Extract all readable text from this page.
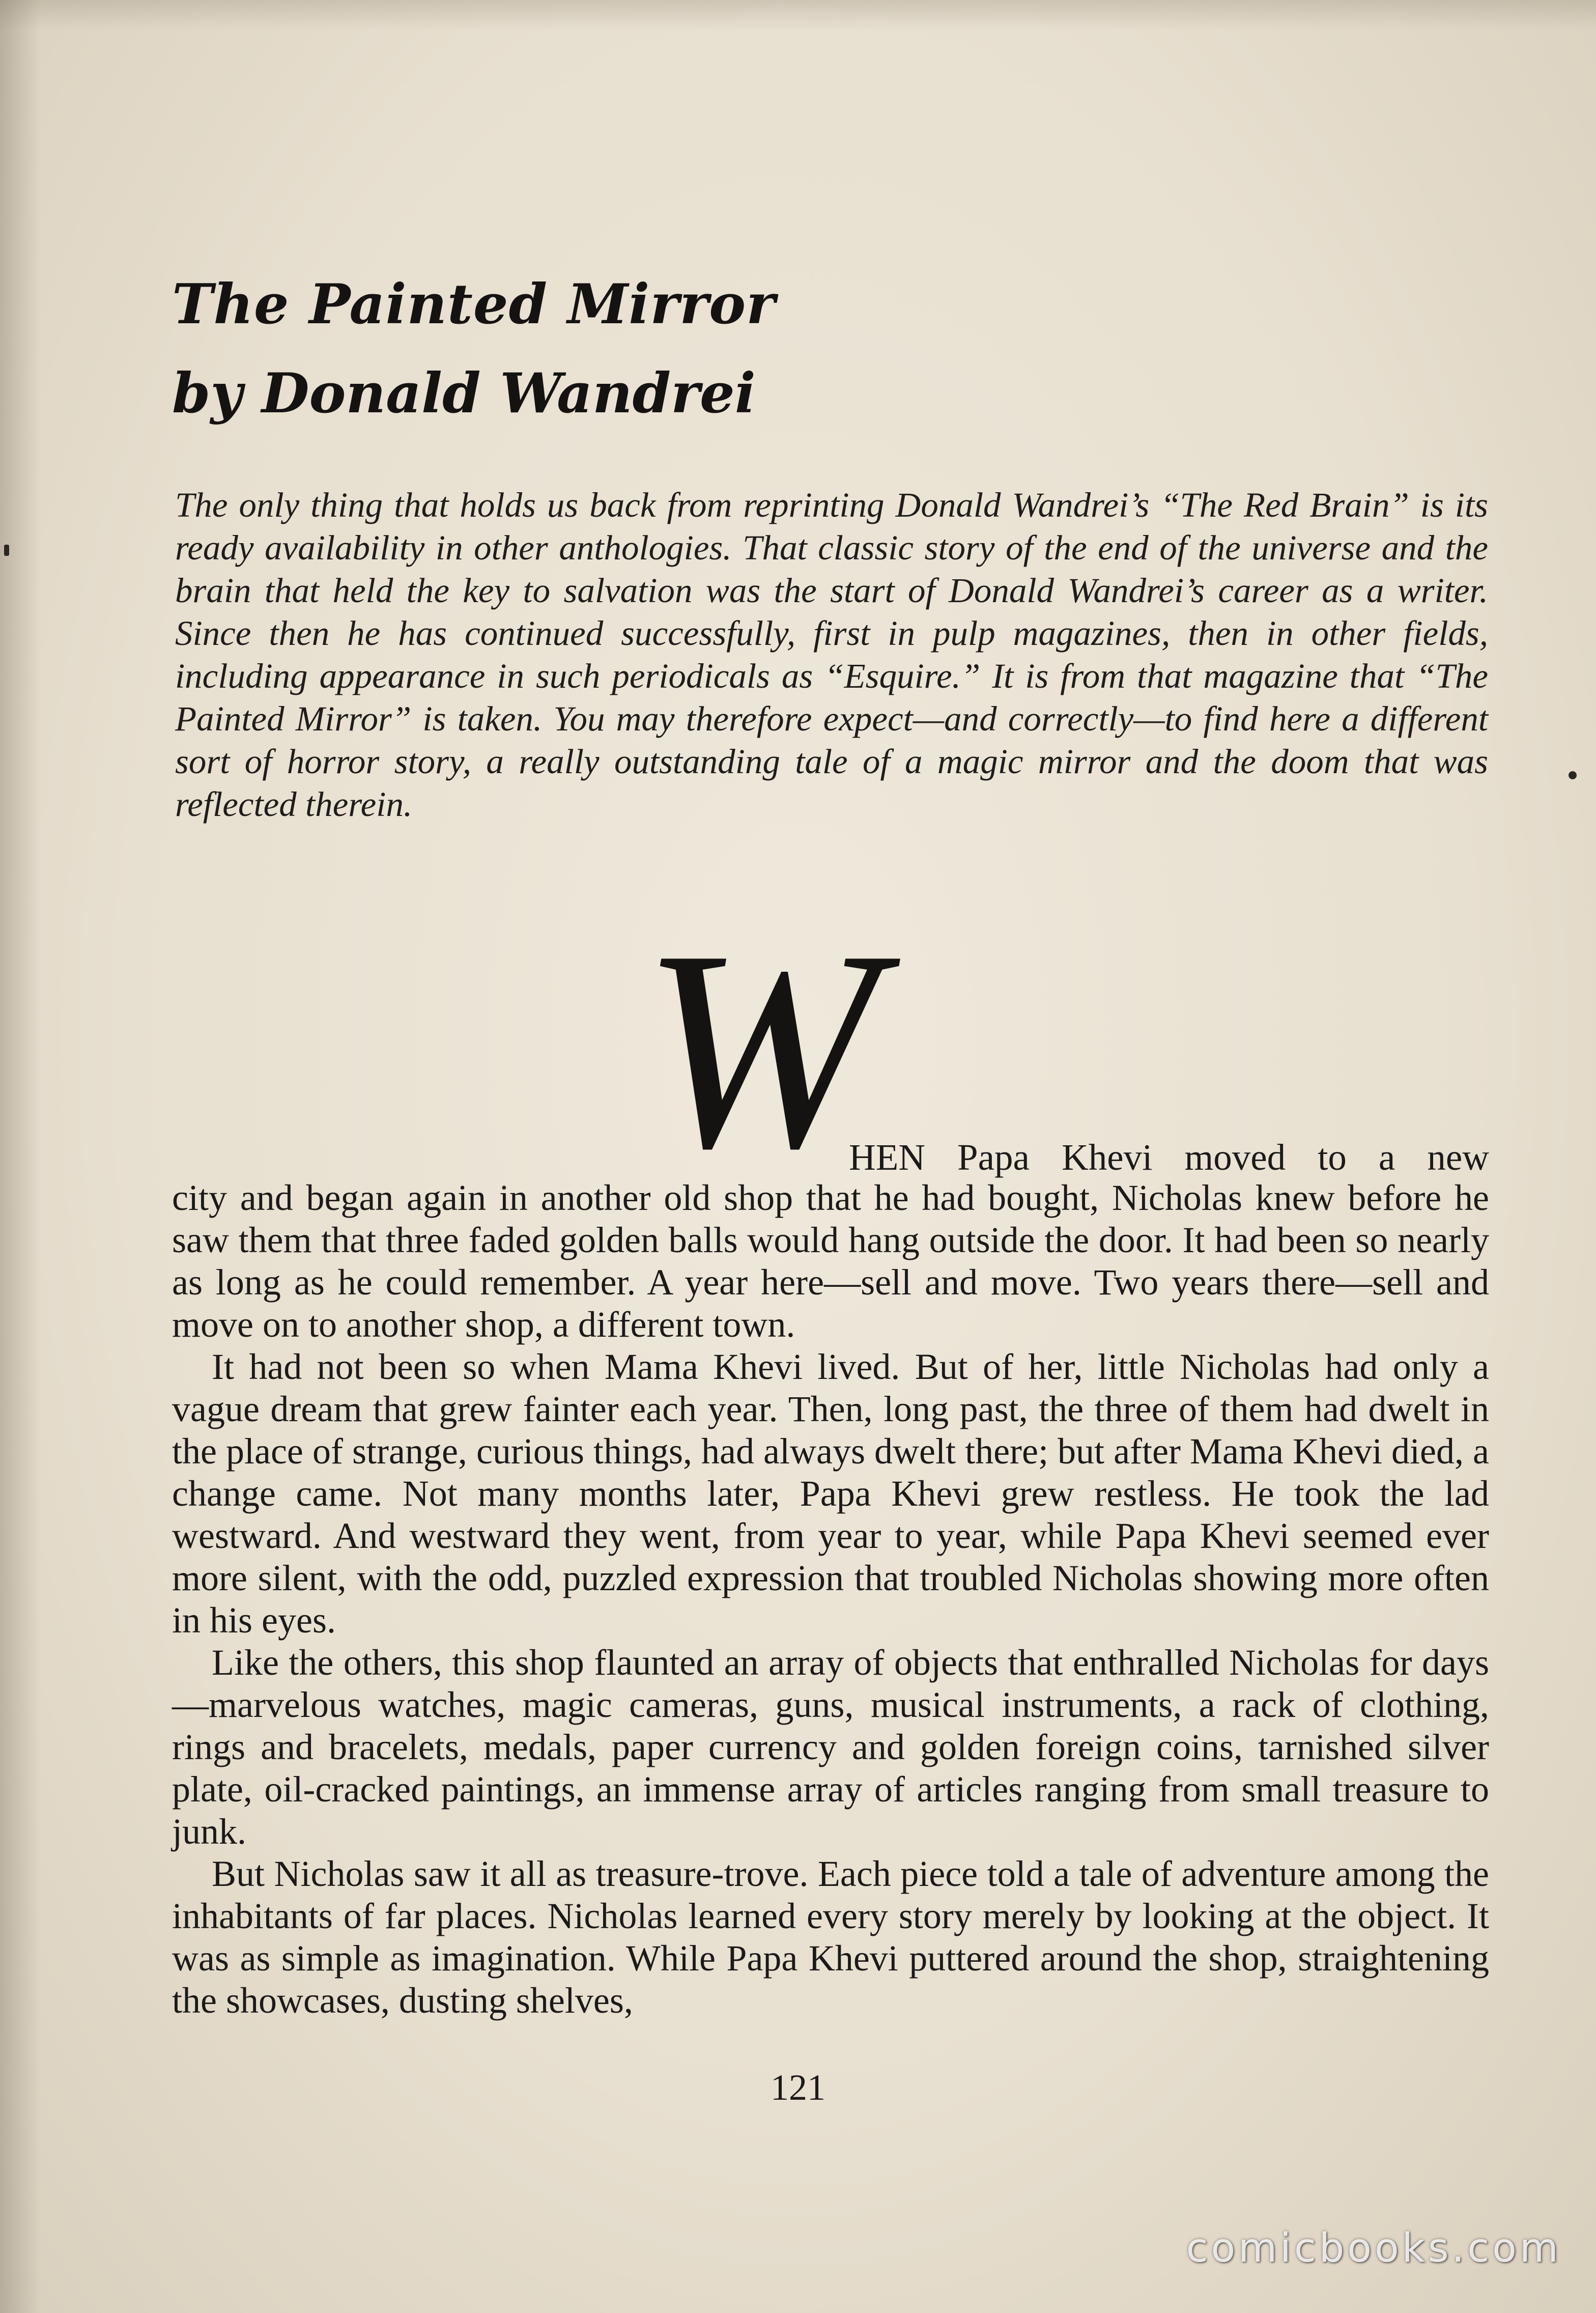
The Painted Mirror
by Donald Wandrei

The only thing that holds us back from reprinting Donald Wandrei’s “The Red Brain” is its ready availability in other anthologies. That classic story of the end of the universe and the brain that held the key to salvation was the start of Donald Wandrei’s career as a writer. Since then he has continued successfully, first in pulp magazines, then in other fields, including appearance in such periodicals as “Esquire.” It is from that magazine that “The Painted Mirror” is taken. You may therefore expect—and correctly—to find here a different sort of horror story, a really outstanding tale of a magic mirror and the doom that was reflected therein.

W
HEN Papa Khevi moved to a new

city and began again in another old shop that he had bought, Nicholas knew before he saw them that three faded golden balls would hang outside the door. It had been so nearly as long as he could remember. A year here—sell and move. Two years there—sell and move on to another shop, a different town.

It had not been so when Mama Khevi lived. But of her, little Nicholas had only a vague dream that grew fainter each year. Then, long past, the three of them had dwelt in the place of strange, curious things, had always dwelt there; but after Mama Khevi died, a change came. Not many months later, Papa Khevi grew restless. He took the lad westward. And westward they went, from year to year, while Papa Khevi seemed ever more silent, with the odd, puzzled expression that troubled Nicholas showing more often in his eyes.

Like the others, this shop flaunted an array of objects that enthralled Nicholas for days—marvelous watches, magic cameras, guns, musical instruments, a rack of clothing, rings and bracelets, medals, paper currency and golden foreign coins, tarnished silver plate, oil-cracked paintings, an immense array of articles ranging from small treasure to junk.

But Nicholas saw it all as treasure-trove. Each piece told a tale of adventure among the inhabitants of far places. Nicholas learned every story merely by looking at the object. It was as simple as imagination. While Papa Khevi puttered around the shop, straightening the showcases, dusting shelves,

121
comicbooks.com
